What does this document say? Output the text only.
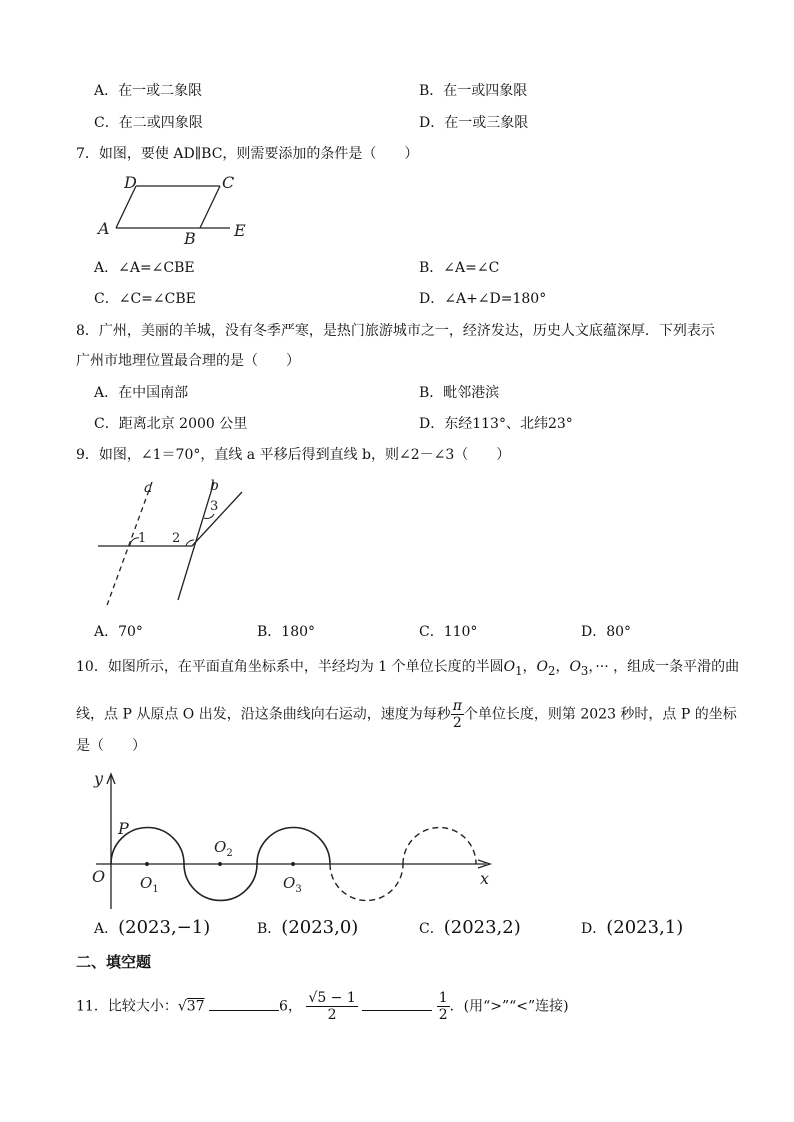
A．在一或二象限	B．在一或四象限
C．在二或四象限	D．在一或三象限
7．如图，要使 AD∥BC，则需要添加的条件是（　　）
D	C
A
B E
A．∠A=∠CBE	B．∠A=∠C
C．∠C=∠CBE	D．∠A+∠D=180°
8．广州，美丽的羊城，没有冬季严寒，是热门旅游城市之一，经济发达，历史人文底蕴深厚．下列表示
广州市地理位置最合理的是（　　）
A．在中国南部	B．毗邻港滨
C．距离北京 2000 公里	D．东经113°、北纬23°
9．如图，∠1＝70°，直线 a 平移后得到直线 b，则∠2－∠3（　　）
a	b
1 2
3
A．70°	B．180°	C．110°	D．80°
10．如图所示，在平面直角坐标系中，半经均为 1 个单位长度的半圆$O_1$，$O_2$，$O_3$，··· ，组成一条平滑的曲
线，点 P 从原点 O 出发，沿这条曲线向右运动，速度为每秒 $\frac{\pi}{2}$ 个单位长度，则第 2023 秒时，点 P 的坐标
是（　　）
y
x
O
P
$O_1$
$O_2$
$O_3$
A．(2023,−1)	B．(2023,0)	C．(2023,2)	D．(2023,1)
二、填空题
11．比较大小：√37	6， $\frac{√5 - 1}{2}$
	$\frac{1}{2}$ ．(用“>”“<”连接)
